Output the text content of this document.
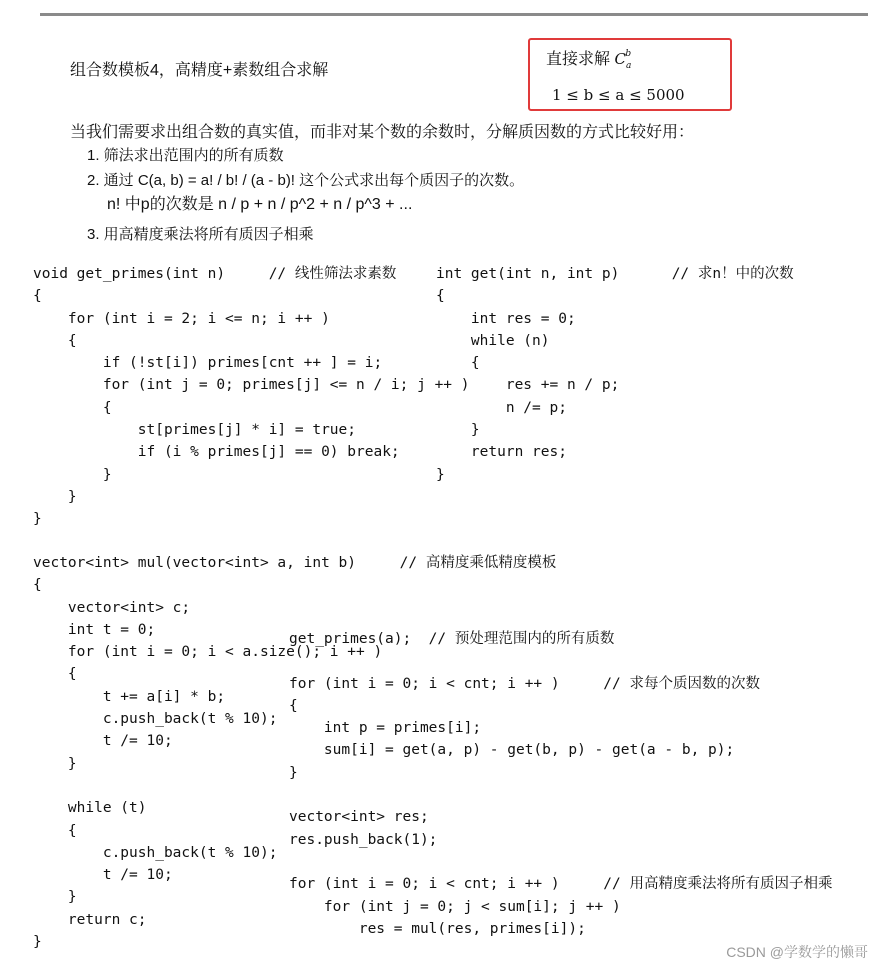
组合数模板4，高精度+素数组合求解
直接求解 $C_a^b$
1 ≤ b ≤ a ≤ 5000
当我们需要求出组合数的真实值，而非对某个数的余数时，分解质因数的方式比较好用：
1. 筛法求出范围内的所有质数
2. 通过 C(a, b) = a! / b! / (a - b)! 这个公式求出每个质因子的次数。
n! 中p的次数是 n / p + n / p^2 + n / p^3 + ...
3. 用高精度乘法将所有质因子相乘
void get_primes(int n)     // 线性筛法求素数
{
for (int i = 2; i <= n; i ++ )
{
if (!st[i]) primes[cnt ++ ] = i;
for (int j = 0; primes[j] <= n / i; j ++ )
{
st[primes[j] * i] = true;
if (i % primes[j] == 0) break;
}
}
}
int get(int n, int p)      // 求n！中的次数
{
int res = 0;
while (n)
{
res += n / p;
n /= p;
}
return res;
}
vector<int> mul(vector<int> a, int b)     // 高精度乘低精度模板
{
vector<int> c;
int t = 0;
for (int i = 0; i < a.size(); i ++ )
{
t += a[i] * b;
c.push_back(t % 10);
t /= 10;
}

while (t)
{
c.push_back(t % 10);
t /= 10;
}
return c;
}
get_primes(a);  // 预处理范围内的所有质数

for (int i = 0; i < cnt; i ++ )     // 求每个质因数的次数
{
int p = primes[i];
sum[i] = get(a, p) - get(b, p) - get(a - b, p);
}

vector<int> res;
res.push_back(1);

for (int i = 0; i < cnt; i ++ )     // 用高精度乘法将所有质因子相乘
for (int j = 0; j < sum[i]; j ++ )
res = mul(res, primes[i]);
CSDN @学数学的懒哥
